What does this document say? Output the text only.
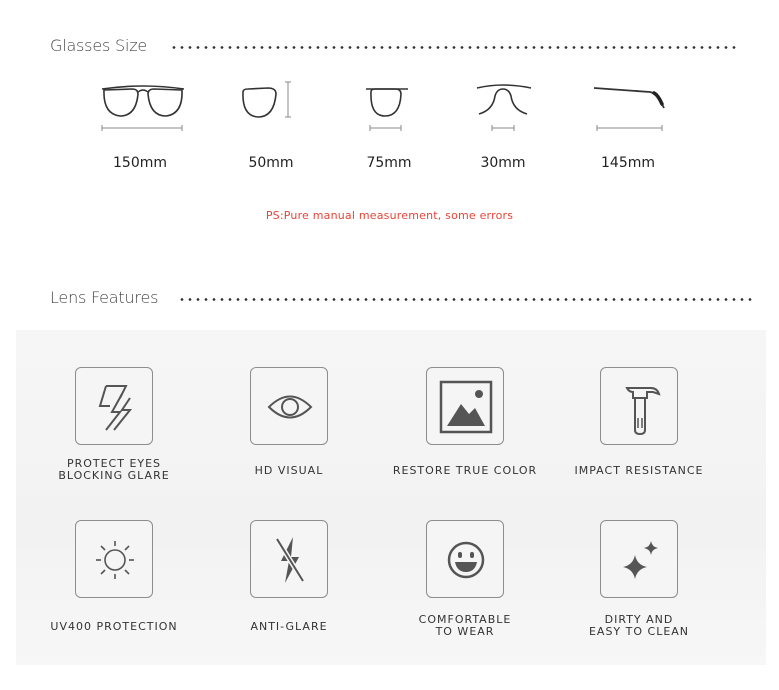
Glasses Size
150mm	50mm	75mm	30mm	145mm
PS:Pure manual measurement, some errors
Lens Features
PROTECT EYES
BLOCKING GLARE	HD VISUAL	RESTORE TRUE COLOR	IMPACT RESISTANCE
UV400 PROTECTION	ANTI-GLARE
COMFORTABLE
TO WEAR
DIRTY AND
EASY TO CLEAN
